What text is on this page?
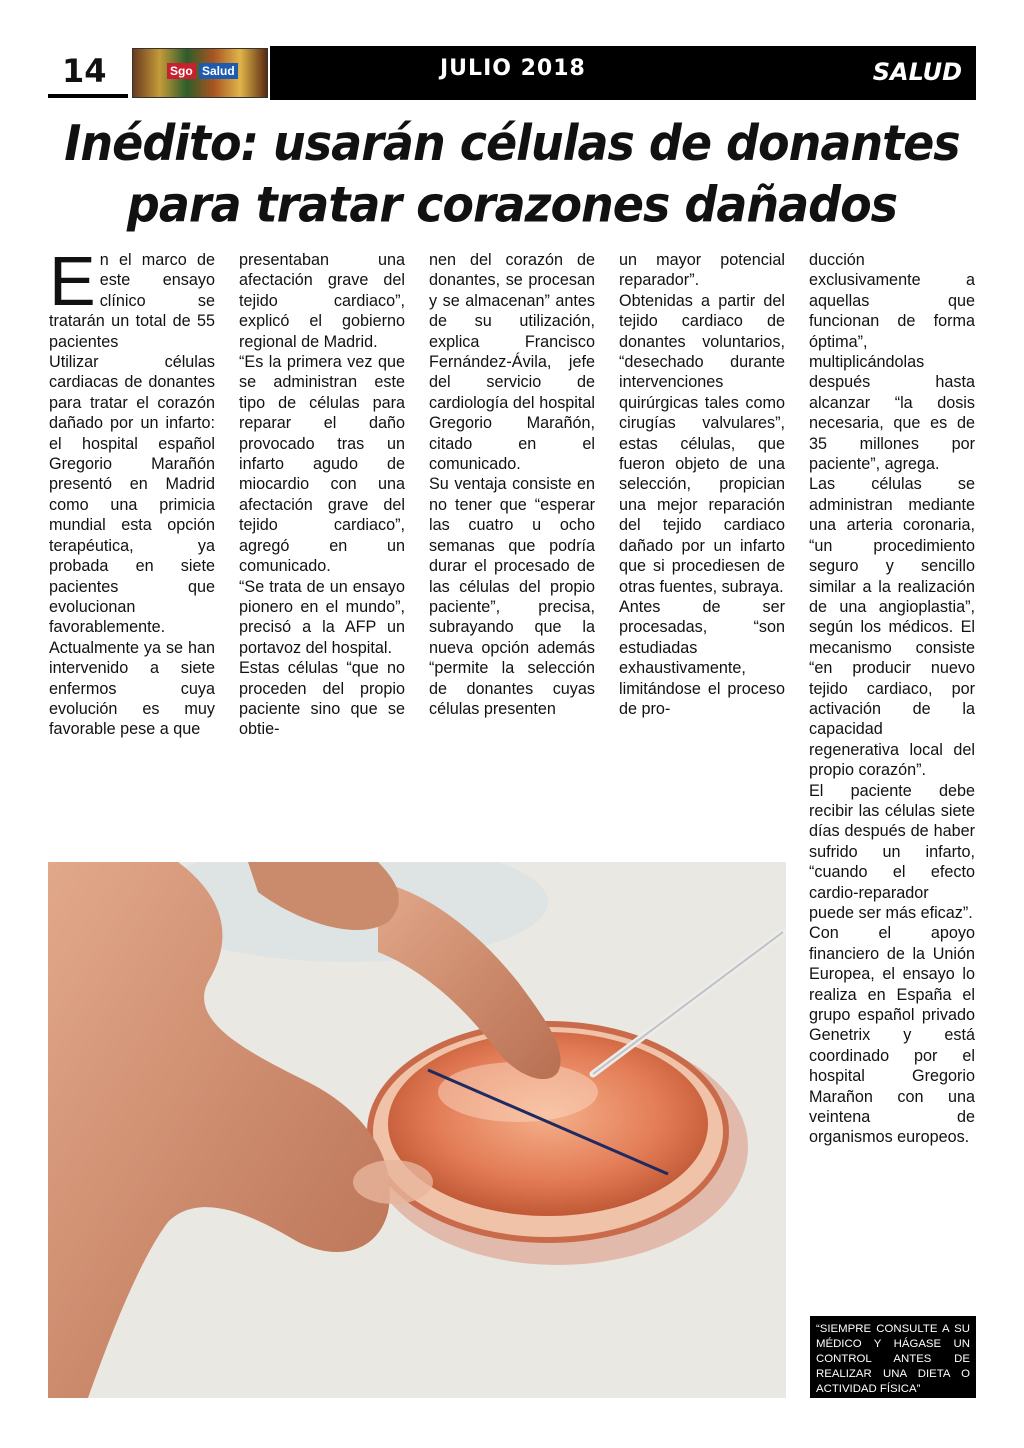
14	Sgo Salud	JULIO 2018	SALUD
Inédito: usarán células de donantes
para tratar corazones dañados

En el marco de este ensayo clínico se tratarán un total de 55 pacientes

Utilizar células cardiacas de donantes para tratar el corazón dañado por un infarto: el hospital español Gregorio Marañón presentó en Madrid como una primicia mundial esta opción terapéutica, ya probada en siete pacientes que evolucionan favorablemente.

Actualmente ya se han intervenido a siete enfermos cuya evolución es muy favorable pese a que

presentaban una afectación grave del tejido cardiaco”, explicó el gobierno regional de Madrid.

“Es la primera vez que se administran este tipo de células para reparar el daño provocado tras un infarto agudo de miocardio con una afectación grave del tejido cardiaco”, agregó en un comunicado.

“Se trata de un ensayo pionero en el mundo”, precisó a la AFP un portavoz del hospital.

Estas células “que no proceden del propio paciente sino que se obtie-

nen del corazón de donantes, se procesan y se almacenan” antes de su utilización, explica Francisco Fernández-Ávila, jefe del servicio de cardiología del hospital Gregorio Marañón, citado en el comunicado.

Su ventaja consiste en no tener que “esperar las cuatro u ocho semanas que podría durar el procesado de las células del propio paciente”, precisa, subrayando que la nueva opción además “permite la selección de donantes cuyas células presenten

un mayor potencial reparador”.

Obtenidas a partir del tejido cardiaco de donantes voluntarios, “desechado durante intervenciones quirúrgicas tales como cirugías valvulares”, estas células, que fueron objeto de una selección, propician una mejor reparación del tejido cardiaco dañado por un infarto que si procediesen de otras fuentes, subraya.

Antes de ser procesadas, “son estudiadas exhaustivamente, limitándose el proceso de pro-

ducción exclusivamente a aquellas que funcionan de forma óptima”, multiplicándolas después hasta alcanzar “la dosis necesaria, que es de 35 millones por paciente”, agrega.

Las células se administran mediante una arteria coronaria, “un procedimiento seguro y sencillo similar a la realización de una angioplastia”, según los médicos. El mecanismo consiste “en producir nuevo tejido cardiaco, por activación de la capacidad regenerativa local del propio corazón”.

El paciente debe recibir las células siete días después de haber sufrido un infarto, “cuando el efecto cardio-reparador puede ser más eficaz”.

Con el apoyo financiero de la Unión Europea, el ensayo lo realiza en España el grupo español privado Genetrix y está coordinado por el hospital Gregorio Marañon con una veintena de organismos europeos.

“SIEMPRE CONSULTE A SU MÉDICO Y HÁGASE UN CONTROL ANTES DE REALIZAR UNA DIETA O ACTIVIDAD FÍSICA”
